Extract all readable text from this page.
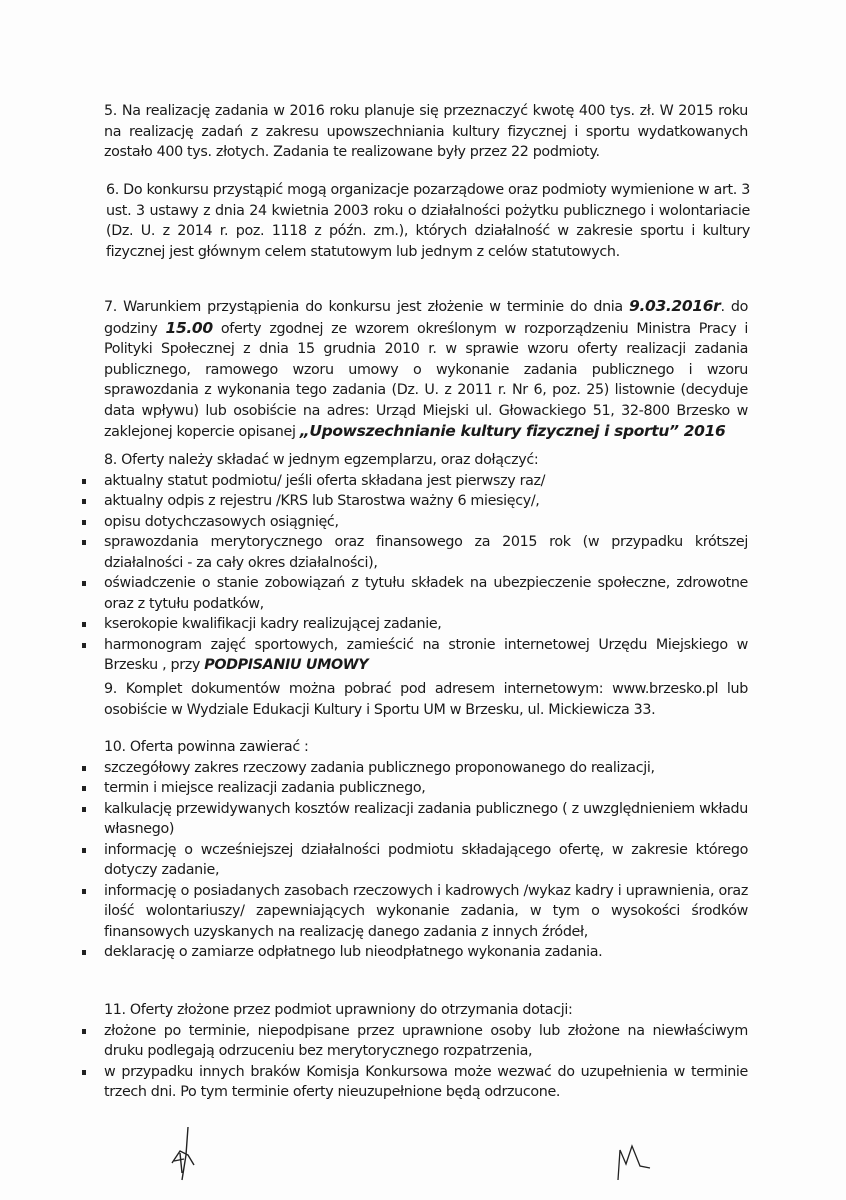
5. Na realizację zadania w 2016 roku planuje się przeznaczyć kwotę 400 tys. zł. W 2015 roku na realizację zadań z zakresu upowszechniania kultury fizycznej i sportu wydatkowanych zostało 400 tys. złotych. Zadania te realizowane były przez 22 podmioty.
6. Do konkursu przystąpić mogą organizacje pozarządowe oraz podmioty wymienione w art. 3 ust. 3 ustawy z dnia 24 kwietnia 2003 roku o działalności pożytku publicznego i wolontariacie (Dz. U. z 2014 r. poz. 1118 z późn. zm.), których działalność w zakresie sportu i kultury fizycznej jest głównym celem statutowym lub jednym z celów statutowych.
7. Warunkiem przystąpienia do konkursu jest złożenie w terminie do dnia 9.03.2016r. do godziny 15.00 oferty zgodnej ze wzorem określonym w rozporządzeniu Ministra Pracy i Polityki Społecznej z dnia 15 grudnia 2010 r. w sprawie wzoru oferty realizacji zadania publicznego, ramowego wzoru umowy o wykonanie zadania publicznego i wzoru sprawozdania z wykonania tego zadania (Dz. U. z 2011 r. Nr 6, poz. 25) listownie (decyduje data wpływu) lub osobiście na adres: Urząd Miejski ul. Głowackiego 51, 32-800 Brzesko w zaklejonej kopercie opisanej „Upowszechnianie kultury fizycznej i sportu” 2016
8. Oferty należy składać w jednym egzemplarzu, oraz dołączyć:
aktualny statut podmiotu/ jeśli oferta składana jest pierwszy raz/
aktualny odpis z rejestru /KRS lub Starostwa ważny 6 miesięcy/,
opisu dotychczasowych osiągnięć,
sprawozdania merytorycznego oraz finansowego za 2015 rok (w przypadku krótszej działalności - za cały okres działalności),
oświadczenie o stanie zobowiązań z tytułu składek na ubezpieczenie społeczne, zdrowotne oraz z tytułu podatków,
kserokopie kwalifikacji kadry realizującej zadanie,
harmonogram zajęć sportowych, zamieścić na stronie internetowej Urzędu Miejskiego w Brzesku , przy PODPISANIU UMOWY
9. Komplet dokumentów można pobrać pod adresem internetowym: www.brzesko.pl lub osobiście w Wydziale Edukacji Kultury i Sportu UM w Brzesku, ul. Mickiewicza 33.
10. Oferta powinna zawierać :
szczegółowy zakres rzeczowy zadania publicznego proponowanego do realizacji,
termin i miejsce realizacji zadania publicznego,
kalkulację przewidywanych kosztów realizacji zadania publicznego ( z uwzględnieniem wkładu własnego)
informację o wcześniejszej działalności podmiotu składającego ofertę, w zakresie którego dotyczy zadanie,
informację o posiadanych zasobach rzeczowych i kadrowych /wykaz kadry i uprawnienia, oraz ilość wolontariuszy/ zapewniających wykonanie zadania, w tym o wysokości środków finansowych uzyskanych na realizację danego zadania z innych źródeł,
deklarację o zamiarze odpłatnego lub nieodpłatnego wykonania zadania.
11. Oferty złożone przez podmiot uprawniony do otrzymania dotacji:
złożone po terminie, niepodpisane przez uprawnione osoby lub złożone na niewłaściwym druku podlegają odrzuceniu bez merytorycznego rozpatrzenia,
w przypadku innych braków Komisja Konkursowa może wezwać do uzupełnienia w terminie trzech dni. Po tym terminie oferty nieuzupełnione będą odrzucone.
